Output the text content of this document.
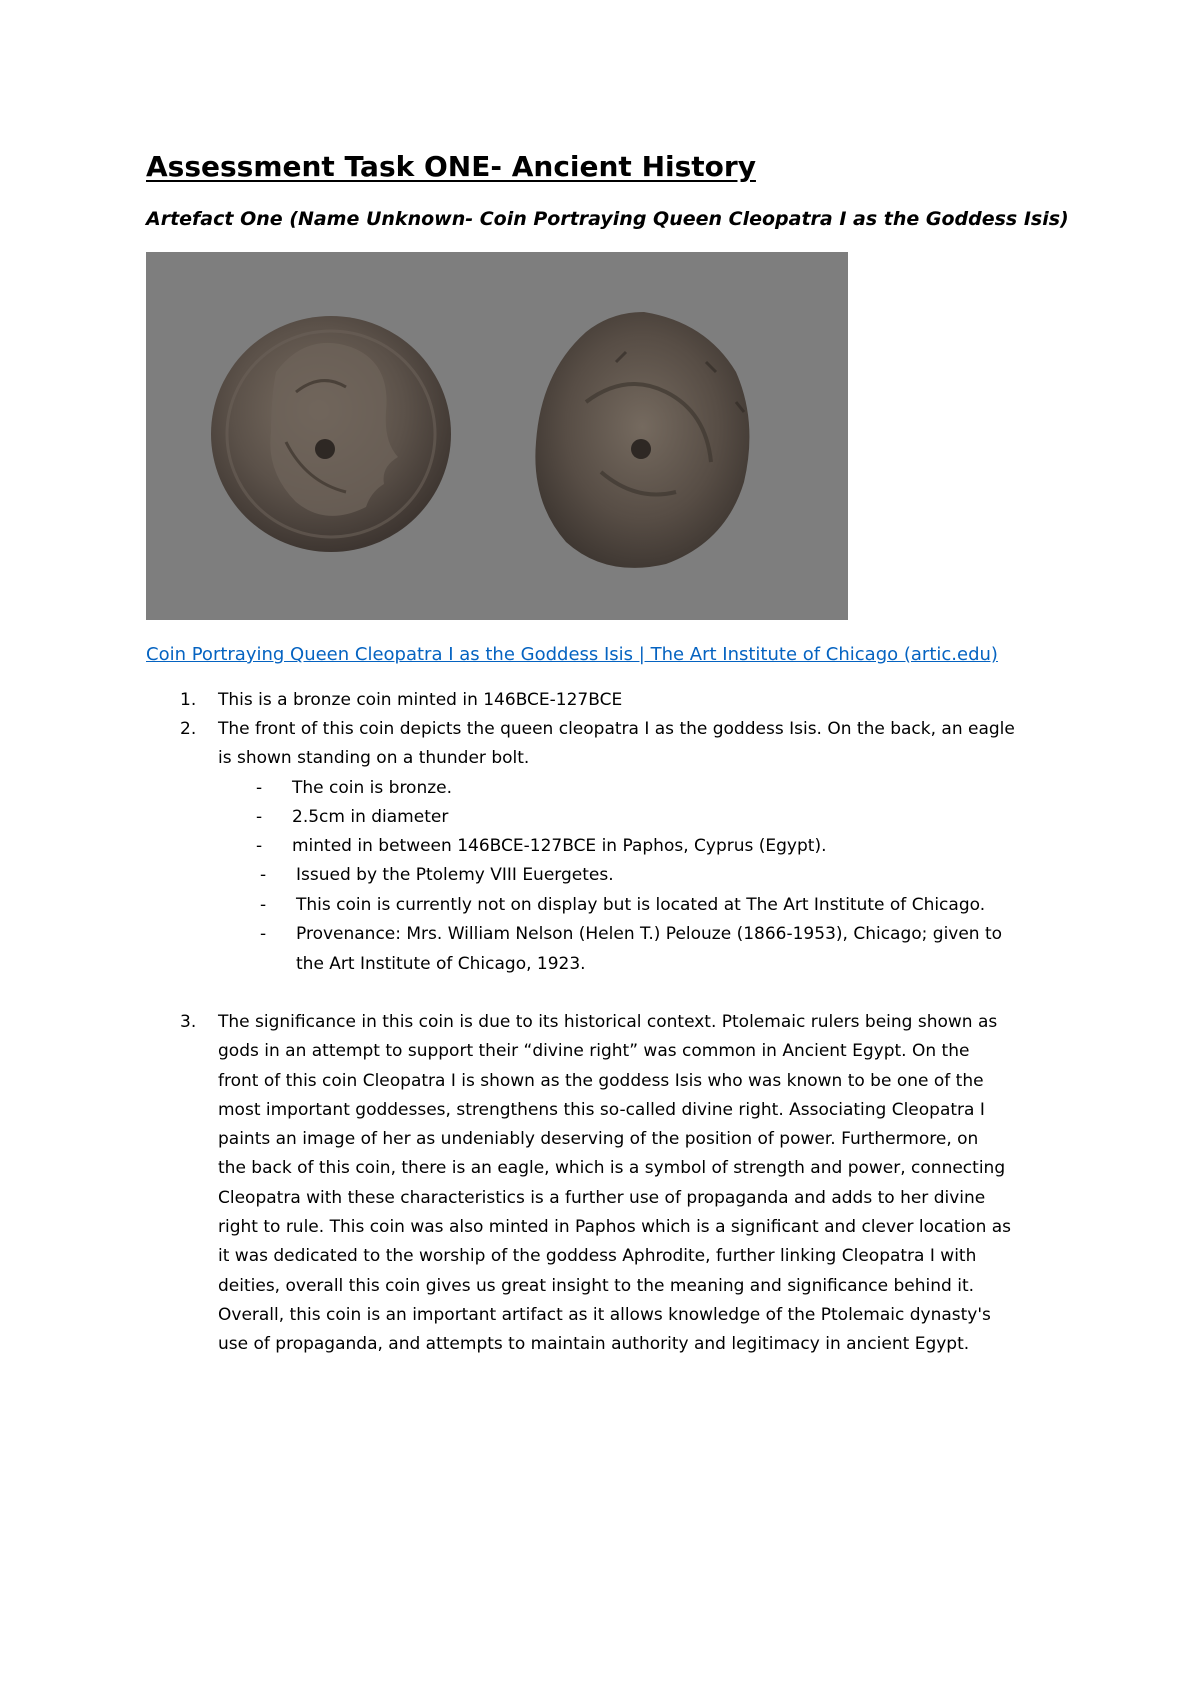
Assessment Task ONE- Ancient History
Artefact One (Name Unknown- Coin Portraying Queen Cleopatra I as the Goddess Isis)
Coin Portraying Queen Cleopatra I as the Goddess Isis | The Art Institute of Chicago (artic.edu)
1. This is a bronze coin minted in 146BCE-127BCE
2. The front of this coin depicts the queen cleopatra I as the goddess Isis. On the back, an eagle
is shown standing on a thunder bolt.
- The coin is bronze.
- 2.5cm in diameter
- minted in between 146BCE-127BCE in Paphos, Cyprus (Egypt).
- Issued by the Ptolemy VIII Euergetes.
- This coin is currently not on display but is located at The Art Institute of Chicago.
- Provenance: Mrs. William Nelson (Helen T.) Pelouze (1866-1953), Chicago; given to
the Art Institute of Chicago, 1923.
3. The significance in this coin is due to its historical context. Ptolemaic rulers being shown as
gods in an attempt to support their “divine right” was common in Ancient Egypt. On the
front of this coin Cleopatra I is shown as the goddess Isis who was known to be one of the
most important goddesses, strengthens this so-called divine right. Associating Cleopatra I
paints an image of her as undeniably deserving of the position of power. Furthermore, on
the back of this coin, there is an eagle, which is a symbol of strength and power, connecting
Cleopatra with these characteristics is a further use of propaganda and adds to her divine
right to rule. This coin was also minted in Paphos which is a significant and clever location as
it was dedicated to the worship of the goddess Aphrodite, further linking Cleopatra I with
deities, overall this coin gives us great insight to the meaning and significance behind it.
Overall, this coin is an important artifact as it allows knowledge of the Ptolemaic dynasty's
use of propaganda, and attempts to maintain authority and legitimacy in ancient Egypt.
